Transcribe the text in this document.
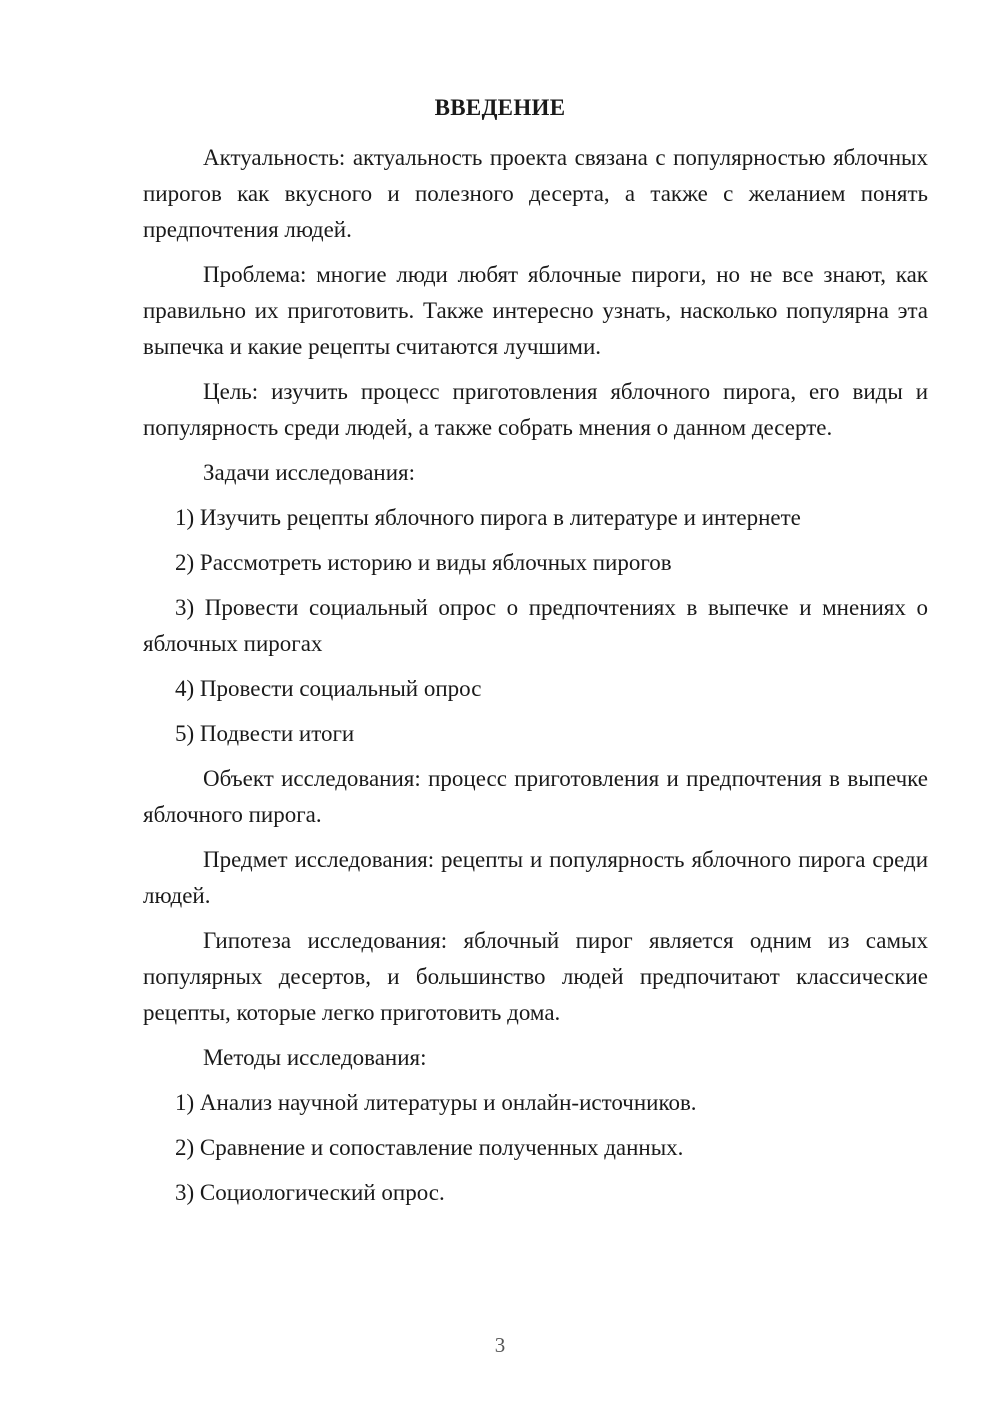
ВВЕДЕНИЕ

Актуальность: актуальность проекта связана с популярностью яблочных пирогов как вкусного и полезного десерта, а также с желанием понять предпочтения людей.

Проблема: многие люди любят яблочные пироги, но не все знают, как правильно их приготовить. Также интересно узнать, насколько популярна эта выпечка и какие рецепты считаются лучшими.

Цель: изучить процесс приготовления яблочного пирога, его виды и популярность среди людей, а также собрать мнения о данном десерте.

Задачи исследования:

1) Изучить рецепты яблочного пирога в литературе и интернете

2) Рассмотреть историю и виды яблочных пирогов

3) Провести социальный опрос о предпочтениях в выпечке и мнениях о яблочных пирогах

4) Провести социальный опрос

5) Подвести итоги

Объект исследования: процесс приготовления и предпочтения в выпечке яблочного пирога.

Предмет исследования: рецепты и популярность яблочного пирога среди людей.

Гипотеза исследования: яблочный пирог является одним из самых популярных десертов, и большинство людей предпочитают классические рецепты, которые легко приготовить дома.

Методы исследования:

1) Анализ научной литературы и онлайн-источников.

2) Сравнение и сопоставление полученных данных.

3) Социологический опрос.

3
